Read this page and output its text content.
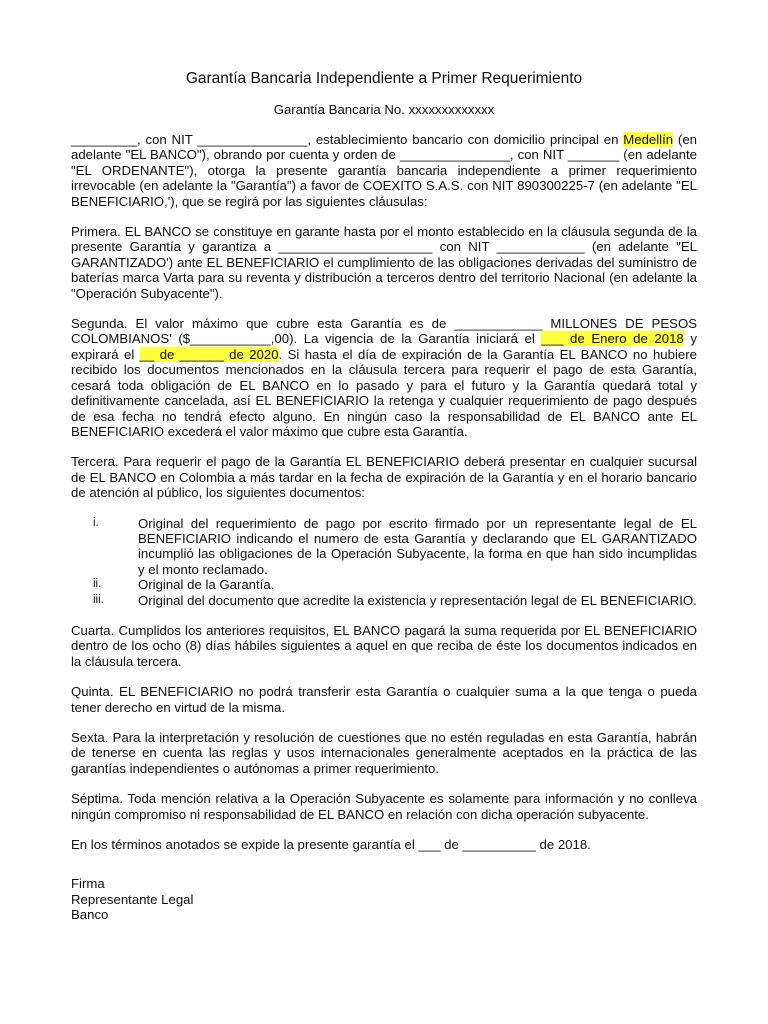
Garantía Bancaria Independiente a Primer Requerimiento
Garantía Bancaria No. xxxxxxxxxxxxx
_________, con NIT _______________, establecimiento bancario con domicilio principal en Medellín (en adelante "EL BANCO"), obrando por cuenta y orden de _______________, con NIT _______ (en adelante "EL ORDENANTE"), otorga la presente garantía bancaria independiente a primer requerimiento irrevocable (en adelante la "Garantía") a favor de COEXITO S.A.S. con NIT 890300225-7 (en adelante "EL BENEFICIARIO,'), que se regirá por las siguientes cláusulas:
Primera. EL BANCO se constituye en garante hasta por el monto establecido en la cláusula segunda de la presente Garantía y garantiza a _____________________ con NIT ____________ (en adelante "EL GARANTIZADO') ante EL BENEFICIARIO el cumplimiento de las obligaciones derivadas del suministro de baterías marca Varta para su reventa y distribución a terceros dentro del territorio Nacional (en adelante la "Operación Subyacente").
Segunda. El valor máximo que cubre esta Garantía es de ____________ MILLONES DE PESOS COLOMBIANOS' ($___________,00). La vigencia de la Garantía iniciará el ___ de Enero de 2018 y expirará el __ de ______ de 2020. Si hasta el día de expiración de la Garantía EL BANCO no hubiere recibido los documentos mencionados en la cláusula tercera para requerir el pago de esta Garantía, cesará toda obligación de EL BANCO en lo pasado y para el futuro y la Garantía quedará total y definitivamente cancelada, así EL BENEFICIARIO la retenga y cualquier requerimiento de pago después de esa fecha no tendrá efecto alguno. En ningún caso la responsabilidad de EL BANCO ante EL BENEFICIARIO excederá el valor máximo que cubre esta Garantía.
Tercera. Para requerir el pago de la Garantía EL BENEFICIARIO deberá presentar en cualquier sucursal de EL BANCO en Colombia a más tardar en la fecha de expiración de la Garantía y en el horario bancario de atención al público, los siguientes documentos:
i.	Original del requerimiento de pago por escrito firmado por un representante legal de EL BENEFICIARIO indicando el numero de esta Garantía y declarando que EL GARANTIZADO incumplió las obligaciones de la Operación Subyacente, la forma en que han sido incumplidas y el monto reclamado.
ii.	Original de la Garantía.
iii.	Original del documento que acredite la existencia y representación legal de EL BENEFICIARIO.
Cuarta. Cumplidos los anteriores requisitos, EL BANCO pagará la suma requerida por EL BENEFICIARIO dentro de los ocho (8) días hábiles siguientes a aquel en que reciba de éste los documentos indicados en la cláusula tercera.
Quinta. EL BENEFICIARIO no podrá transferir esta Garantía o cualquier suma a la que tenga o pueda tener derecho en virtud de la misma.
Sexta. Para la interpretación y resolución de cuestiones que no estén reguladas en esta Garantía, habrán de tenerse en cuenta las reglas y usos internacionales generalmente aceptados en la práctica de las garantías independientes o autónomas a primer requerimiento.
Séptima. Toda mención relativa a la Operación Subyacente es solamente para información y no conlleva ningún compromiso ni responsabilidad de EL BANCO en relación con dicha operación subyacente.
En los términos anotados se expide la presente garantía el ___ de __________ de 2018.
Firma
Representante Legal
Banco
